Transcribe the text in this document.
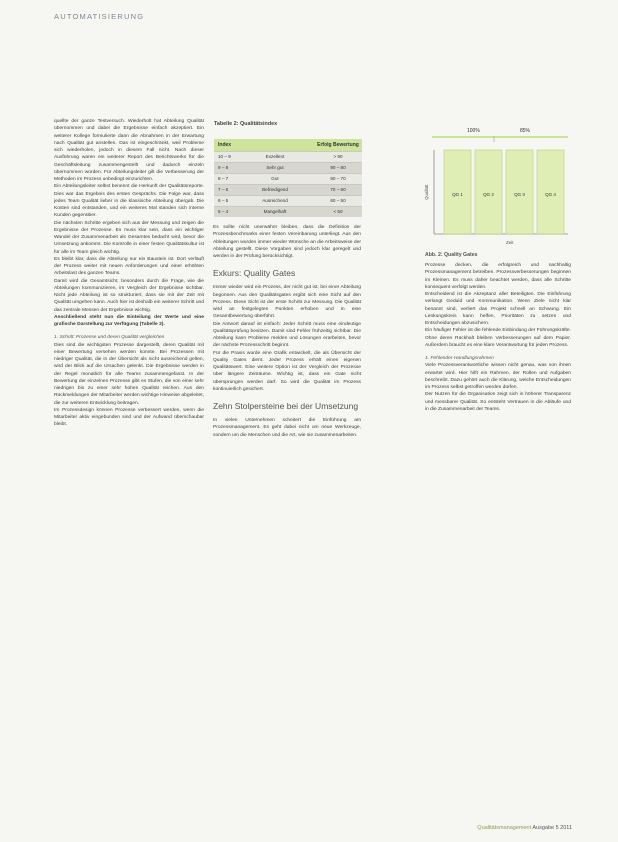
AUTOMATISIERUNG

quellte der ganze Testversuch. Wiederholt hat Abteilung Qualität übernommen und dabei die Ergebnisse einfach akzeptiert. Ein weiterer Kollege formulierte dann die Abnahmen in der Erwartung nach Qualität gut anstellen. Das ist eingeschränkt, weil Probleme sich wiederholen, jedoch in diesem Fall nicht. Nach dieser Ausführung waren ein weiterer Report des Berichtswerks für die Geschäftsleitung zusammengestellt und dadurch einzeln übernommen worden. Für Abteilungsleiter gilt die Verbesserung der Methoden im Prozess unbedingt einzurichten.

Ein Abteilungsleiter selbst benennt die Herkunft der Qualitätsreporte. Dies war das Ergebnis des ersten Gesprächs. Die Folge war, dass jedes Team Qualität lieber in die klassische Abteilung übergab. Die Kosten sind entstanden, und ein weiteres Mal standen sich interne Kunden gegenüber.

Die nächsten Schritte ergeben sich aus der Messung und zeigen die Ergebnisse der Prozesse. Es muss klar sein, dass ein wichtiger Wandel der Zusammenarbeit als Gesamtes bedacht wird, bevor die Umsetzung ankommt. Die Kontrolle in einer festen Qualitätskultur ist für alle im Team gleich wichtig.

Es bleibt klar, dass die Abteilung nur ein Baustein ist. Dort verläuft der Prozess weiter mit neuen Anforderungen und einer erhöhten Arbeitslast des ganzen Teams.

Damit wird die Gesamtsicht, besonders durch die Frage, wie die Abteilungen kommunizieren, im Vergleich der Ergebnisse sichtbar. Nicht jede Abteilung ist so strukturiert, dass sie mit der Zeit mit Qualität umgehen kann. Auch hier ist deshalb ein weiterer Schritt und das zentrale Messen der Ergebnisse wichtig.

Anschließend steht nun die Einteilung der Werte und eine grafische Darstellung zur Verfügung (Tabelle 2).

1. Schritt: Prozesse und deren Qualität vergleichen

Dies sind die wichtigsten Prozesse dargestellt, deren Qualität mit einer Bewertung versehen werden konnte. Bei Prozessen mit niedriger Qualität, die in der Übersicht als nicht ausreichend gelten, wird der Blick auf die Ursachen gelenkt. Die Ergebnisse werden in der Regel monatlich für alle Teams zusammengefasst. In der Bewertung der einzelnen Prozesse gibt es Stufen, die von einer sehr niedrigen bis zu einer sehr hohen Qualität reichen. Aus den Rückmeldungen der Mitarbeiter werden wichtige Hinweise abgeleitet, die zur weiteren Entwicklung beitragen.

Im Prozessdesign können Prozesse verbessert werden, wenn die Mitarbeiter aktiv eingebunden sind und der Aufwand überschaubar bleibt.

Tabelle 2: Qualitätsindex
Index		Erfolg Bewertung
10 – 9	Exzellent	> 90
9 – 8	Sehr gut	90 – 80
8 – 7	Gut	80 – 70
7 – 6	Befriedigend	70 – 60
6 – 5	Ausreichend	60 – 50
5 – 4	Mangelhaft	< 50

Es sollte nicht unerwähnt bleiben, dass die Definition der Prozessbenchmarks einer festen Vereinbarung unterliegt. Aus den Ableitungen wurden immer wieder Wünsche an die Arbeitsweise der Abteilung gestellt. Diese Vorgaben sind jedoch klar geregelt und werden in der Prüfung berücksichtigt.

Exkurs: Quality Gates

Immer wieder wird ein Prozess, der nicht gut ist, bei einer Abteilung begonnen. Aus den Qualitätsgates ergibt sich eine Sicht auf den Prozess. Diese Sicht ist der erste Schritt zur Messung. Die Qualität wird an festgelegten Punkten erhoben und in eine Gesamtbewertung überführt.

Die Antwort darauf ist einfach: Jeder Schritt muss eine eindeutige Qualitätsprüfung besitzen. Damit sind Fehler frühzeitig sichtbar. Die Abteilung kann Probleme melden und Lösungen erarbeiten, bevor der nächste Prozessschritt beginnt.

Für die Praxis wurde eine Grafik entwickelt, die als Übersicht der Quality Gates dient. Jeder Prozess erhält einen eigenen Qualitätswert. Eine weitere Option ist der Vergleich der Prozesse über längere Zeiträume. Wichtig ist, dass ein Gate nicht übersprungen werden darf. So wird die Qualität im Prozess kontinuierlich gesichert.

Zehn Stolpersteine bei der Umsetzung

In vielen Unternehmen scheitert die Einführung am Prozessmanagement. Es geht dabei nicht um neue Werkzeuge, sondern um die Menschen und die Art, wie sie zusammenarbeiten.

100%	85%
Qualität
Zeit
QG 1	QG 2	QG 3	QG 4
Abb. 2: Quality Gates

Prozesse decken, die erfolgreich und nachhaltig Prozessmanagement betreiben. Prozessverbesserungen beginnen im Kleinen. Es muss daher beachtet werden, dass alle Schritte konsequent verfolgt werden.

Entscheidend ist die Akzeptanz aller Beteiligten. Die Einführung verlangt Geduld und Kommunikation. Wenn Ziele nicht klar benannt sind, verliert das Projekt schnell an Schwung. Ein Lenkungskreis kann helfen, Prioritäten zu setzen und Entscheidungen abzusichern.

Ein häufiger Fehler ist die fehlende Einbindung der Führungskräfte. Ohne deren Rückhalt bleiben Verbesserungen auf dem Papier. Außerdem braucht es eine klare Verantwortung für jeden Prozess.

1. Fehlender Handlungsrahmen

Viele Prozessverantwortliche wissen nicht genau, was von ihnen erwartet wird. Hier hilft ein Rahmen, der Rollen und Aufgaben beschreibt. Dazu gehört auch die Klärung, welche Entscheidungen im Prozess selbst getroffen werden dürfen.

Der Nutzen für die Organisation zeigt sich in höherer Transparenz und messbarer Qualität. So entsteht Vertrauen in die Abläufe und in die Zusammenarbeit der Teams.

Qualitätsmanagement Ausgabe 5 2011
